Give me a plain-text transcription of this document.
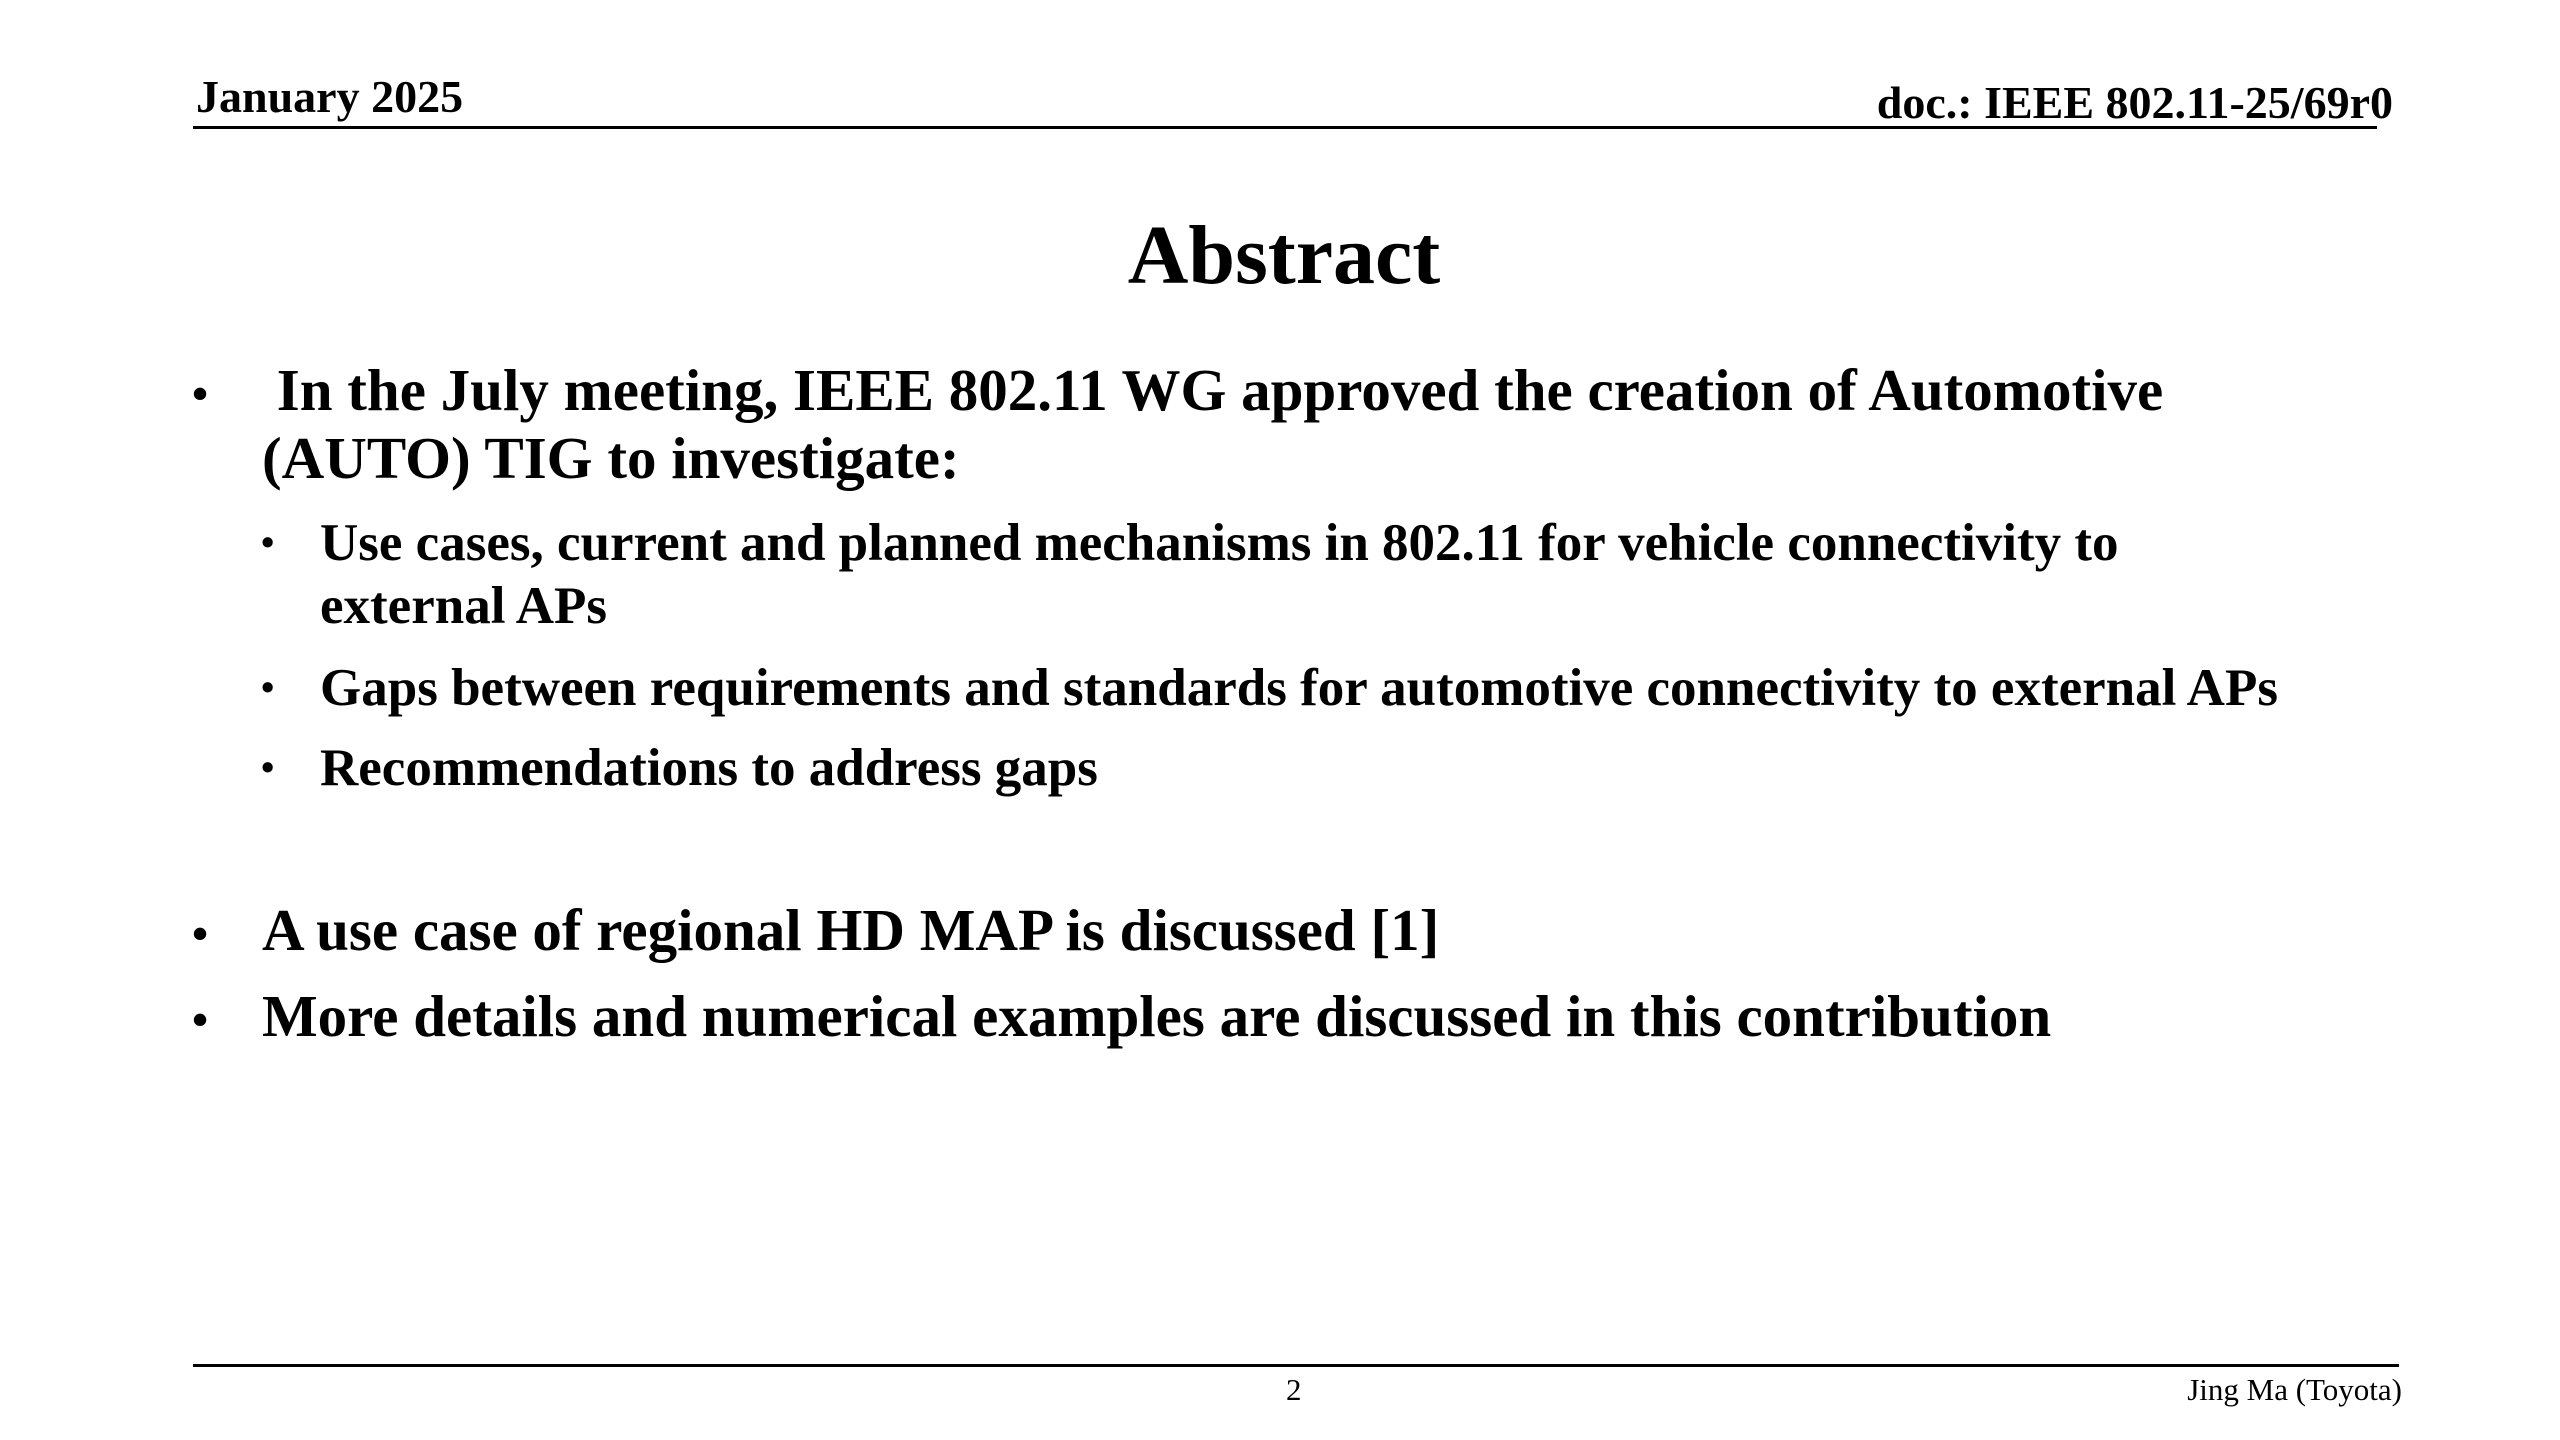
January 2025	doc.: IEEE 802.11-25/69r0
Abstract
• In the July meeting, IEEE 802.11 WG approved the creation of Automotive
(AUTO) TIG to investigate:
• Use cases, current and planned mechanisms in 802.11 for vehicle connectivity to
external APs
• Gaps between requirements and standards for automotive connectivity to external APs
• Recommendations to address gaps
• A use case of regional HD MAP is discussed [1]
• More details and numerical examples are discussed in this contribution
2	Jing Ma (Toyota)
